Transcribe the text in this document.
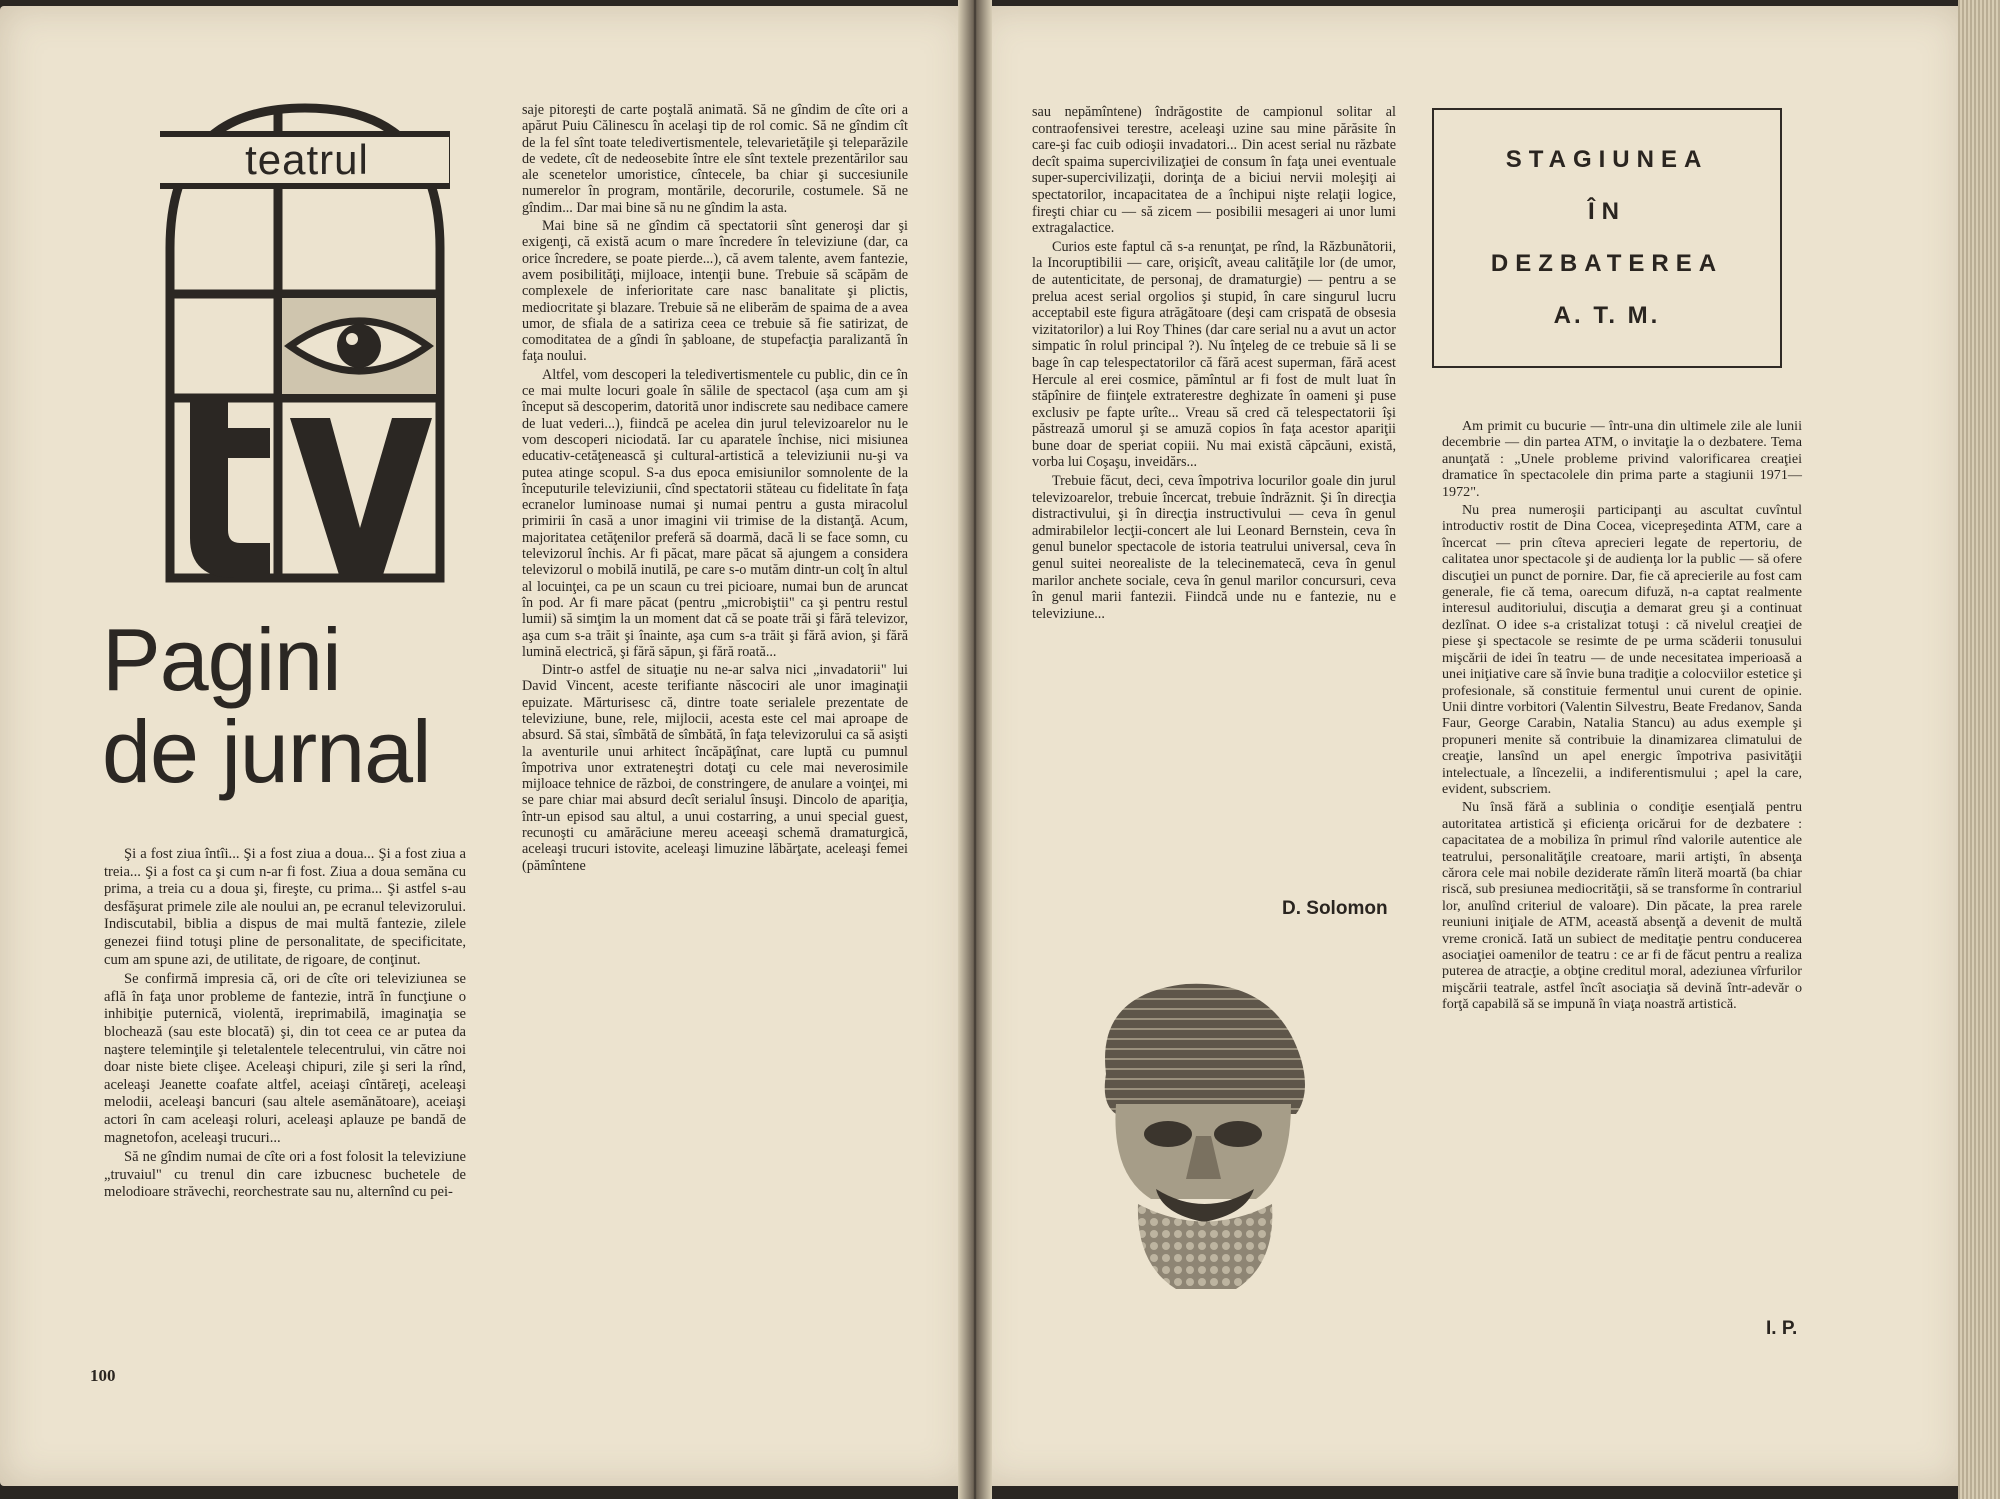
teatrul
Pagini
de jurnal

Şi a fost ziua întîi... Şi a fost ziua a doua... Şi a fost ziua a treia... Şi a fost ca şi cum n-ar fi fost. Ziua a doua semăna cu prima, a treia cu a doua şi, fireşte, cu prima... Şi astfel s-au desfăşurat primele zile ale noului an, pe ecranul televizorului. Indiscutabil, biblia a dispus de mai multă fantezie, zilele genezei fiind totuşi pline de personalitate, de specificitate, cum am spune azi, de utilitate, de rigoare, de conţinut.

Se confirmă impresia că, ori de cîte ori televiziunea se află în faţa unor probleme de fantezie, intră în funcţiune o inhibiţie puternică, violentă, ireprimabilă, imaginaţia se blochează (sau este blocată) şi, din tot ceea ce ar putea da naştere teleminţile şi teletalentele telecentrului, vin către noi doar niste biete clişee. Aceleaşi chipuri, zile şi seri la rînd, aceleaşi Jeanette coafate altfel, aceiaşi cîntăreţi, aceleaşi melodii, aceleaşi bancuri (sau altele asemănătoare), aceiaşi actori în cam aceleaşi roluri, aceleaşi aplauze pe bandă de magnetofon, aceleaşi trucuri...

Să ne gîndim numai de cîte ori a fost folosit la televiziune „truvaiul" cu trenul din care izbucnesc buchetele de melodioare străvechi, reorchestrate sau nu, alternînd cu pei-

saje pitoreşti de carte poştală animată. Să ne gîndim de cîte ori a apărut Puiu Călinescu în acelaşi tip de rol comic. Să ne gîndim cît de la fel sînt toate teledivertismentele, televarietăţile şi teleparăzile de vedete, cît de nedeosebite între ele sînt textele prezentărilor sau ale scenetelor umoristice, cîntecele, ba chiar şi succesiunile numerelor în program, montările, decorurile, costumele. Să ne gîndim... Dar mai bine să nu ne gîndim la asta.

Mai bine să ne gîndim că spectatorii sînt generoşi dar şi exigenţi, că există acum o mare încredere în televiziune (dar, ca orice încredere, se poate pierde...), că avem talente, avem fantezie, avem posibilităţi, mijloace, intenţii bune. Trebuie să scăpăm de complexele de inferioritate care nasc banalitate şi plictis, mediocritate şi blazare. Trebuie să ne eliberăm de spaima de a avea umor, de sfiala de a satiriza ceea ce trebuie să fie satirizat, de comoditatea de a gîndi în şabloane, de stupefacţia paralizantă în faţa noului.

Altfel, vom descoperi la teledivertismentele cu public, din ce în ce mai multe locuri goale în sălile de spectacol (aşa cum am şi început să descoperim, datorită unor indiscrete sau nedibace camere de luat vederi...), fiindcă pe acelea din jurul televizoarelor nu le vom descoperi niciodată. Iar cu aparatele închise, nici misiunea educativ-cetăţenească şi cultural-artistică a televiziunii nu-şi va putea atinge scopul. S-a dus epoca emisiunilor somnolente de la începuturile televiziunii, cînd spectatorii stăteau cu fidelitate în faţa ecranelor luminoase numai şi numai pentru a gusta miracolul primirii în casă a unor imagini vii trimise de la distanţă. Acum, majoritatea cetăţenilor preferă să doarmă, dacă li se face somn, cu televizorul închis. Ar fi păcat, mare păcat să ajungem a considera televizorul o mobilă inutilă, pe care s-o mutăm dintr-un colţ în altul al locuinţei, ca pe un scaun cu trei picioare, numai bun de aruncat în pod. Ar fi mare păcat (pentru „microbiştii" ca şi pentru restul lumii) să simţim la un moment dat că se poate trăi şi fără televizor, aşa cum s-a trăit şi înainte, aşa cum s-a trăit şi fără avion, şi fără lumină electrică, şi fără săpun, şi fără roată...

Dintr-o astfel de situaţie nu ne-ar salva nici „invadatorii" lui David Vincent, aceste terifiante născociri ale unor imaginaţii epuizate. Mărturisesc că, dintre toate serialele prezentate de televiziune, bune, rele, mijlocii, acesta este cel mai aproape de absurd. Să stai, sîmbătă de sîmbătă, în faţa televizorului ca să asişti la aventurile unui arhitect încăpăţînat, care luptă cu pumnul împotriva unor extrateneştri dotaţi cu cele mai neverosimile mijloace tehnice de război, de constringere, de anulare a voinţei, mi se pare chiar mai absurd decît serialul însuşi. Dincolo de apariţia, într-un episod sau altul, a unui costarring, a unui special guest, recunoşti cu amărăciune mereu aceeaşi schemă dramaturgică, aceleaşi trucuri istovite, aceleaşi limuzine lăbărţate, aceleaşi femei (pămîntene

100

sau nepămîntene) îndrăgostite de campionul solitar al contraofensivei terestre, aceleaşi uzine sau mine părăsite în care-şi fac cuib odioşii invadatori... Din acest serial nu răzbate decît spaima supercivilizaţiei de consum în faţa unei eventuale super-supercivilizaţii, dorinţa de a biciui nervii moleşiţi ai spectatorilor, incapacitatea de a închipui nişte relaţii logice, fireşti chiar cu — să zicem — posibilii mesageri ai unor lumi extragalactice.

Curios este faptul că s-a renunţat, pe rînd, la Răzbunătorii, la Incoruptibilii — care, orişicît, aveau calităţile lor (de umor, de autenticitate, de personaj, de dramaturgie) — pentru a se prelua acest serial orgolios şi stupid, în care singurul lucru acceptabil este figura atrăgătoare (deşi cam crispată de obsesia vizitatorilor) a lui Roy Thines (dar care serial nu a avut un actor simpatic în rolul principal ?). Nu înţeleg de ce trebuie să li se bage în cap telespectatorilor că fără acest superman, fără acest Hercule al erei cosmice, pămîntul ar fi fost de mult luat în stăpînire de fiinţele extraterestre deghizate în oameni şi puse exclusiv pe fapte urîte... Vreau să cred că telespectatorii îşi păstrează umorul şi se amuză copios în faţa acestor apariţii bune doar de speriat copiii. Nu mai există căpcăuni, există, vorba lui Coşaşu, inveidărs...

Trebuie făcut, deci, ceva împotriva locurilor goale din jurul televizoarelor, trebuie încercat, trebuie îndrăznit. Şi în direcţia distractivului, şi în direcţia instructivului — ceva în genul admirabilelor lecţii-concert ale lui Leonard Bernstein, ceva în genul bunelor spectacole de istoria teatrului universal, ceva în genul suitei neorealiste de la telecinematecă, ceva în genul marilor anchete sociale, ceva în genul marilor concursuri, ceva în genul marii fantezii. Fiindcă unde nu e fantezie, nu e televiziune...

D. Solomon
STAGIUNEA
ÎN
DEZBATEREA
A. T. M.

Am primit cu bucurie — într-una din ultimele zile ale lunii decembrie — din partea ATM, o invitaţie la o dezbatere. Tema anunţată : „Unele probleme privind valorificarea creaţiei dramatice în spectacolele din prima parte a stagiunii 1971—1972".

Nu prea numeroşii participanţi au ascultat cuvîntul introductiv rostit de Dina Cocea, vicepreşedinta ATM, care a încercat — prin cîteva aprecieri legate de repertoriu, de calitatea unor spectacole şi de audienţa lor la public — să ofere discuţiei un punct de pornire. Dar, fie că aprecierile au fost cam generale, fie că tema, oarecum difuză, n-a captat realmente interesul auditoriului, discuţia a demarat greu şi a continuat dezlînat. O idee s-a cristalizat totuşi : că nivelul creaţiei de piese şi spectacole se resimte de pe urma scăderii tonusului mişcării de idei în teatru — de unde necesitatea imperioasă a unei iniţiative care să învie buna tradiţie a colocviilor estetice şi profesionale, să constituie fermentul unui curent de opinie. Unii dintre vorbitori (Valentin Silvestru, Beate Fredanov, Sanda Faur, George Carabin, Natalia Stancu) au adus exemple şi propuneri menite să contribuie la dinamizarea climatului de creaţie, lansînd un apel energic împotriva pasivităţii intelectuale, a lîncezelii, a indiferentismului ; apel la care, evident, subscriem.

Nu însă fără a sublinia o condiţie esenţială pentru autoritatea artistică şi eficienţa oricărui for de dezbatere : capacitatea de a mobiliza în primul rînd valorile autentice ale teatrului, personalităţile creatoare, marii artişti, în absenţa cărora cele mai nobile deziderate rămîn literă moartă (ba chiar riscă, sub presiunea mediocrităţii, să se transforme în contrariul lor, anulînd criteriul de valoare). Din păcate, la prea rarele reuniuni iniţiale de ATM, această absenţă a devenit de multă vreme cronică. Iată un subiect de meditaţie pentru conducerea asociaţiei oamenilor de teatru : ce ar fi de făcut pentru a realiza puterea de atracţie, a obţine creditul moral, adeziunea vîrfurilor mişcării teatrale, astfel încît asociaţia să devină într-adevăr o forţă capabilă să se impună în viaţa noastră artistică.

I. P.
